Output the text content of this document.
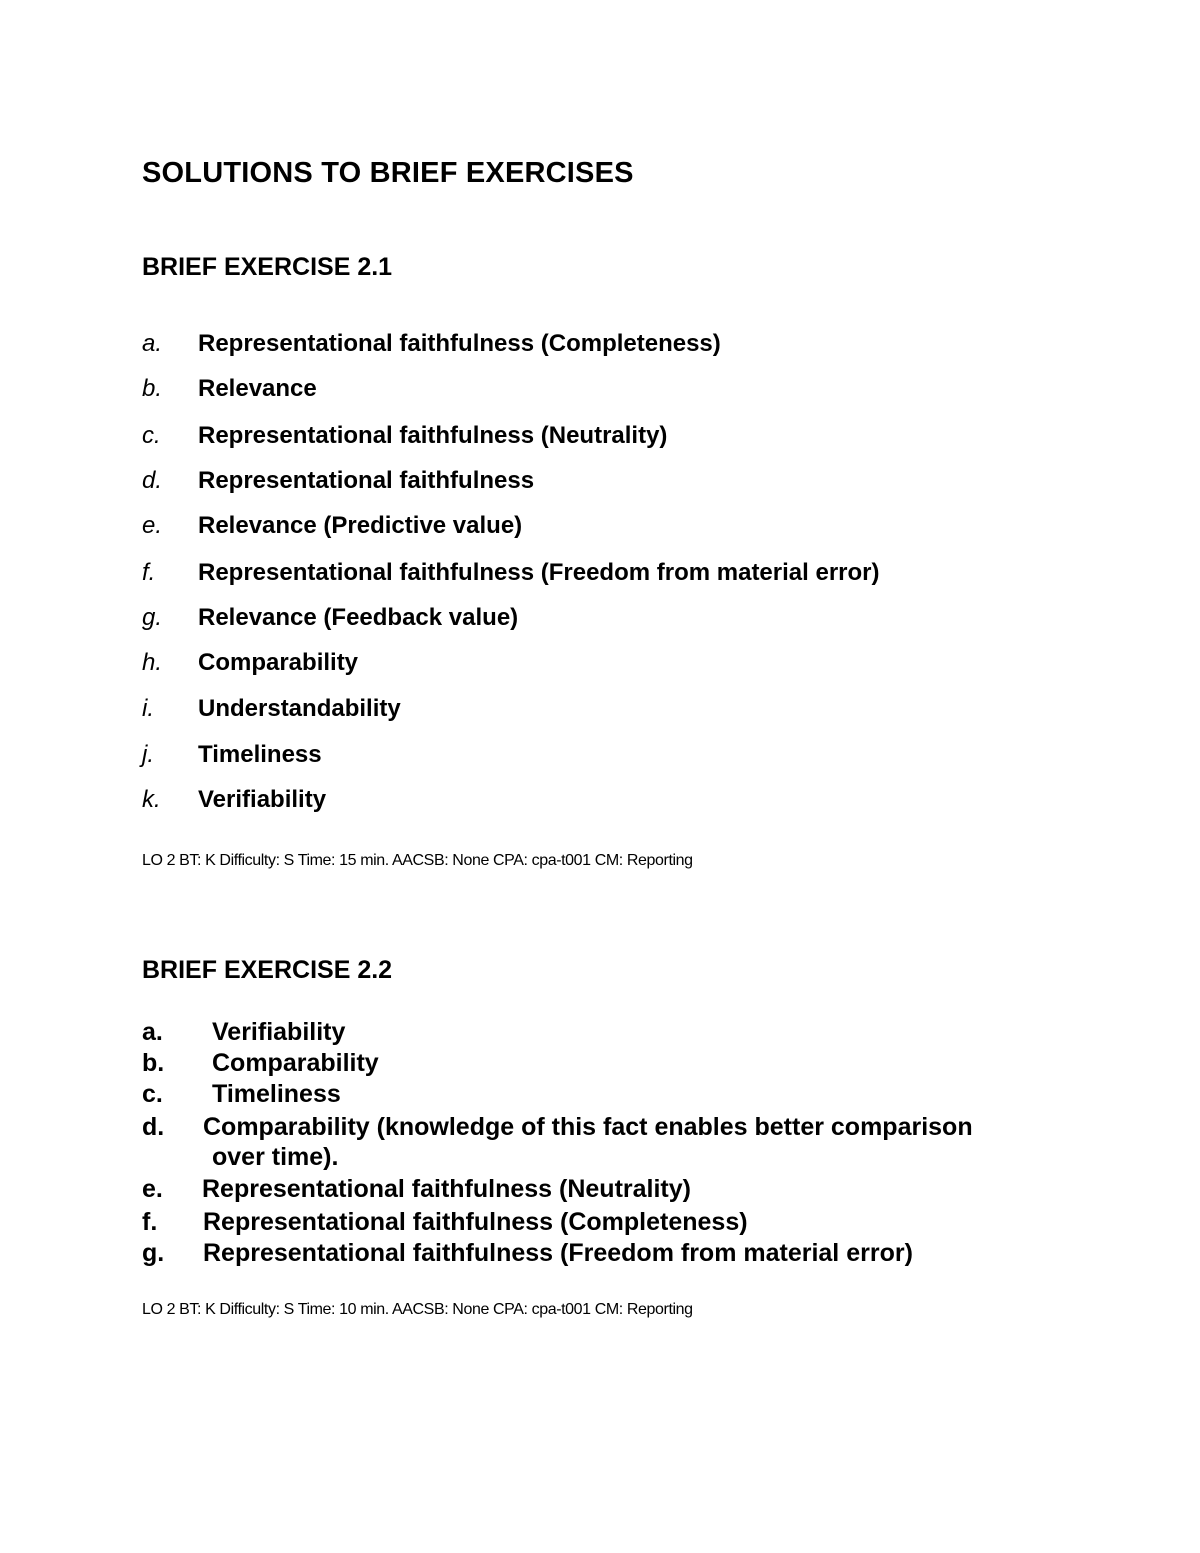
SOLUTIONS TO BRIEF EXERCISES
BRIEF EXERCISE 2.1
a. Representational faithfulness (Completeness)
b. Relevance
c. Representational faithfulness (Neutrality)
d. Representational faithfulness
e. Relevance (Predictive value)
f. Representational faithfulness (Freedom from material error)
g. Relevance (Feedback value)
h. Comparability
i. Understandability
j. Timeliness
k. Verifiability
LO 2 BT: K Difficulty: S Time: 15 min. AACSB: None CPA: cpa-t001 CM: Reporting
BRIEF EXERCISE 2.2
a. Verifiability
b. Comparability
c. Timeliness
d. Comparability (knowledge of this fact enables better comparison
over time).
e. Representational faithfulness (Neutrality)
f. Representational faithfulness (Completeness)
g. Representational faithfulness (Freedom from material error)
LO 2 BT: K Difficulty: S Time: 10 min. AACSB: None CPA: cpa-t001 CM: Reporting
